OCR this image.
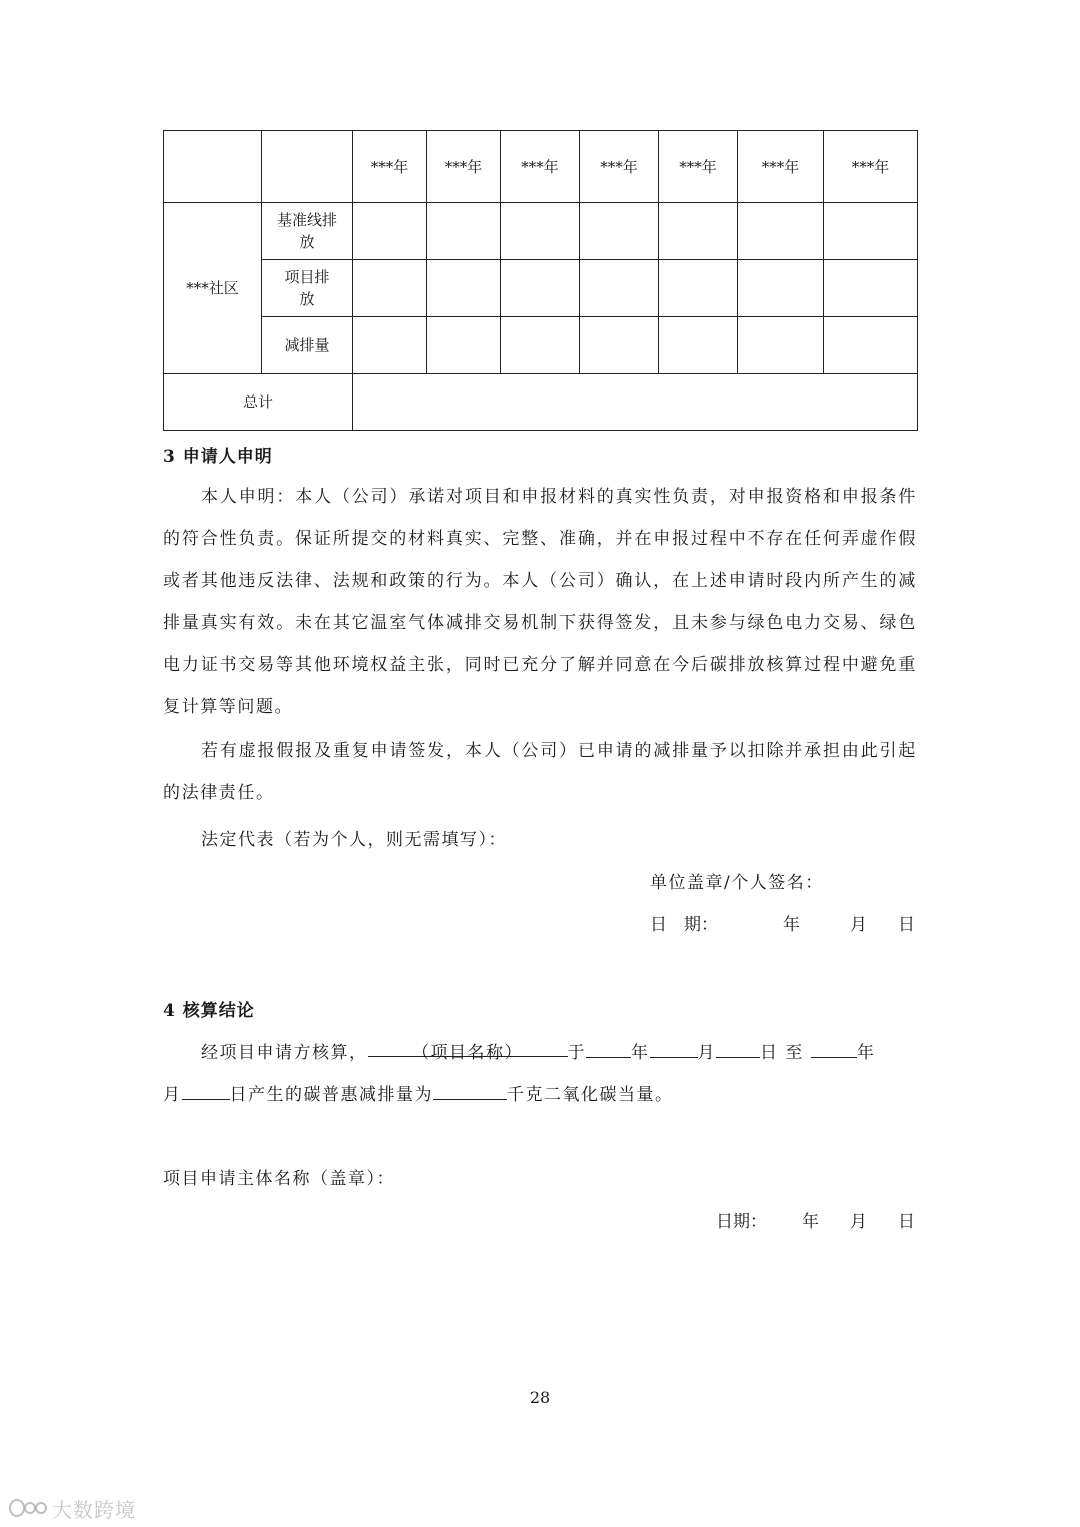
		***年	***年	***年	***年	***年	***年	***年
***社区	基准线排放							

	项目排放							

	减排量							
总计								
3 申请人申明
本人申明：本人（公司）承诺对项目和申报材料的真实性负责，对申报资格和申报条件的符合性负责。保证所提交的材料真实、完整、准确，并在申报过程中不存在任何弄虚作假或者其他违反法律、法规和政策的行为。本人（公司）确认，在上述申请时段内所产生的减排量真实有效。未在其它温室气体减排交易机制下获得签发，且未参与绿色电力交易、绿色电力证书交易等其他环境权益主张，同时已充分了解并同意在今后碳排放核算过程中避免重复计算等问题。
若有虚报假报及重复申请签发，本人（公司）已申请的减排量予以扣除并承担由此引起的法律责任。
法定代表（若为个人，则无需填写）：
单位盖章/个人签名：
日　期：	年	月 日
4 核算结论
经项目申请方核算，	（项目名称）	于	年	月	日 至	年
月	日产生的碳普惠减排量为	千克二氧化碳当量。
项目申请主体名称（盖章）：
日期： 年 月 日
28
大数跨境
